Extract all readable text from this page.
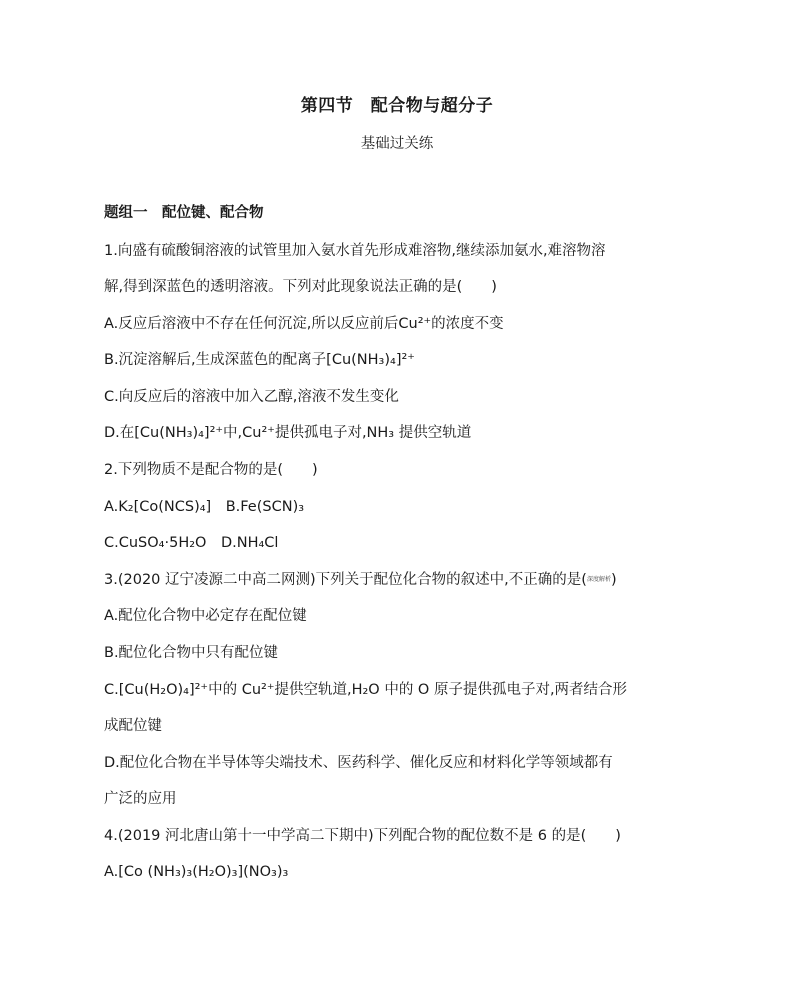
第四节　配合物与超分子
基础过关练
题组一　配位键、配合物
1.向盛有硫酸铜溶液的试管里加入氨水首先形成难溶物,继续添加氨水,难溶物溶
解,得到深蓝色的透明溶液。下列对此现象说法正确的是(　　)
A.反应后溶液中不存在任何沉淀,所以反应前后Cu²⁺的浓度不变
B.沉淀溶解后,生成深蓝色的配离子[Cu(NH₃)₄]²⁺
C.向反应后的溶液中加入乙醇,溶液不发生变化
D.在[Cu(NH₃)₄]²⁺中,Cu²⁺提供孤电子对,NH₃ 提供空轨道
2.下列物质不是配合物的是(　　)
A.K₂[Co(NCS)₄]　B.Fe(SCN)₃
C.CuSO₄·5H₂O　D.NH₄Cl
3.(2020 辽宁凌源二中高二网测)下列关于配位化合物的叙述中,不正确的是(深度解析)
A.配位化合物中必定存在配位键
B.配位化合物中只有配位键
C.[Cu(H₂O)₄]²⁺中的 Cu²⁺提供空轨道,H₂O 中的 O 原子提供孤电子对,两者结合形
成配位键
D.配位化合物在半导体等尖端技术、医药科学、催化反应和材料化学等领域都有
广泛的应用
4.(2019 河北唐山第十一中学高二下期中)下列配合物的配位数不是 6 的是(　　)
A.[Co (NH₃)₃(H₂O)₃](NO₃)₃
